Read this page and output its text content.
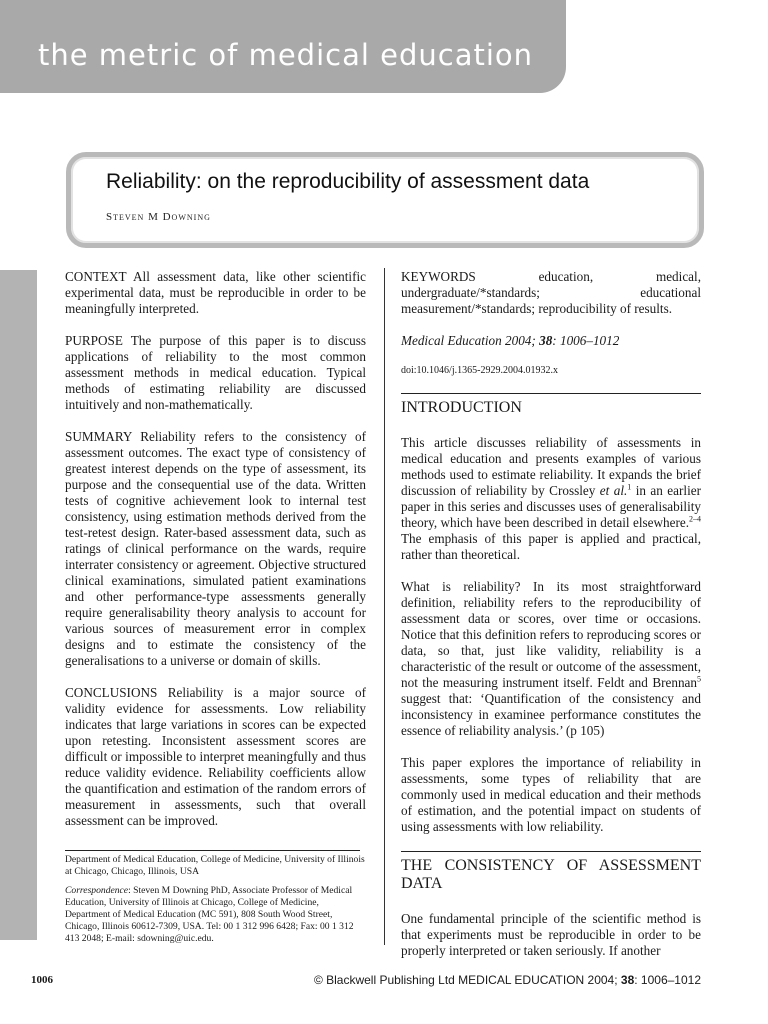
the metric of medical education
Reliability: on the reproducibility of assessment data
Steven M Downing

CONTEXT All assessment data, like other scientific experimental data, must be reproducible in order to be meaningfully interpreted.

PURPOSE The purpose of this paper is to discuss applications of reliability to the most common assessment methods in medical education. Typical methods of estimating reliability are discussed intuitively and non-mathematically.

SUMMARY Reliability refers to the consistency of assessment outcomes. The exact type of consistency of greatest interest depends on the type of assessment, its purpose and the consequential use of the data. Written tests of cognitive achievement look to internal test consistency, using estimation methods derived from the test-retest design. Rater-based assessment data, such as ratings of clinical performance on the wards, require interrater consistency or agreement. Objective structured clinical examinations, simulated patient examinations and other performance-type assessments generally require generalisability theory analysis to account for various sources of measurement error in complex designs and to estimate the consistency of the generalisations to a universe or domain of skills.

CONCLUSIONS Reliability is a major source of validity evidence for assessments. Low reliability indicates that large variations in scores can be expected upon retesting. Inconsistent assessment scores are difficult or impossible to interpret meaningfully and thus reduce validity evidence. Reliability coefficients allow the quantification and estimation of the random errors of measurement in assessments, such that overall assessment can be improved.

Department of Medical Education, College of Medicine, University of Illinois at Chicago, Chicago, Illinois, USA

Correspondence: Steven M Downing PhD, Associate Professor of Medical Education, University of Illinois at Chicago, College of Medicine, Department of Medical Education (MC 591), 808 South Wood Street, Chicago, Illinois 60612-7309, USA. Tel: 00 1 312 996 6428; Fax: 00 1 312 413 2048; E-mail: sdowning@uic.edu.

KEYWORDS	education, medical, undergraduate/*standards; educational measurement/*standards; reproducibility of results.

Medical Education 2004; 38: 1006–1012

doi:10.1046/j.1365-2929.2004.01932.x

INTRODUCTION

This article discusses reliability of assessments in medical education and presents examples of various methods used to estimate reliability. It expands the brief discussion of reliability by Crossley et al.$^1$ in an earlier paper in this series and discusses uses of generalisability theory, which have been described in detail elsewhere.$^{2-4}$ The emphasis of this paper is applied and practical, rather than theoretical.

What is reliability? In its most straightforward definition, reliability refers to the reproducibility of assessment data or scores, over time or occasions. Notice that this definition refers to reproducing scores or data, so that, just like validity, reliability is a characteristic of the result or outcome of the assessment, not the measuring instrument itself. Feldt and Brennan$^5$ suggest that: ‘Quantification of the consistency and inconsistency in examinee performance constitutes the essence of reliability analysis.’ (p 105)

This paper explores the importance of reliability in assessments, some types of reliability that are commonly used in medical education and their methods of estimation, and the potential impact on students of using assessments with low reliability.

THE CONSISTENCY OF ASSESSMENT DATA

One fundamental principle of the scientific method is that experiments must be reproducible in order to be properly interpreted or taken seriously. If another

1006	© Blackwell Publishing Ltd MEDICAL EDUCATION 2004; 38: 1006–1012
